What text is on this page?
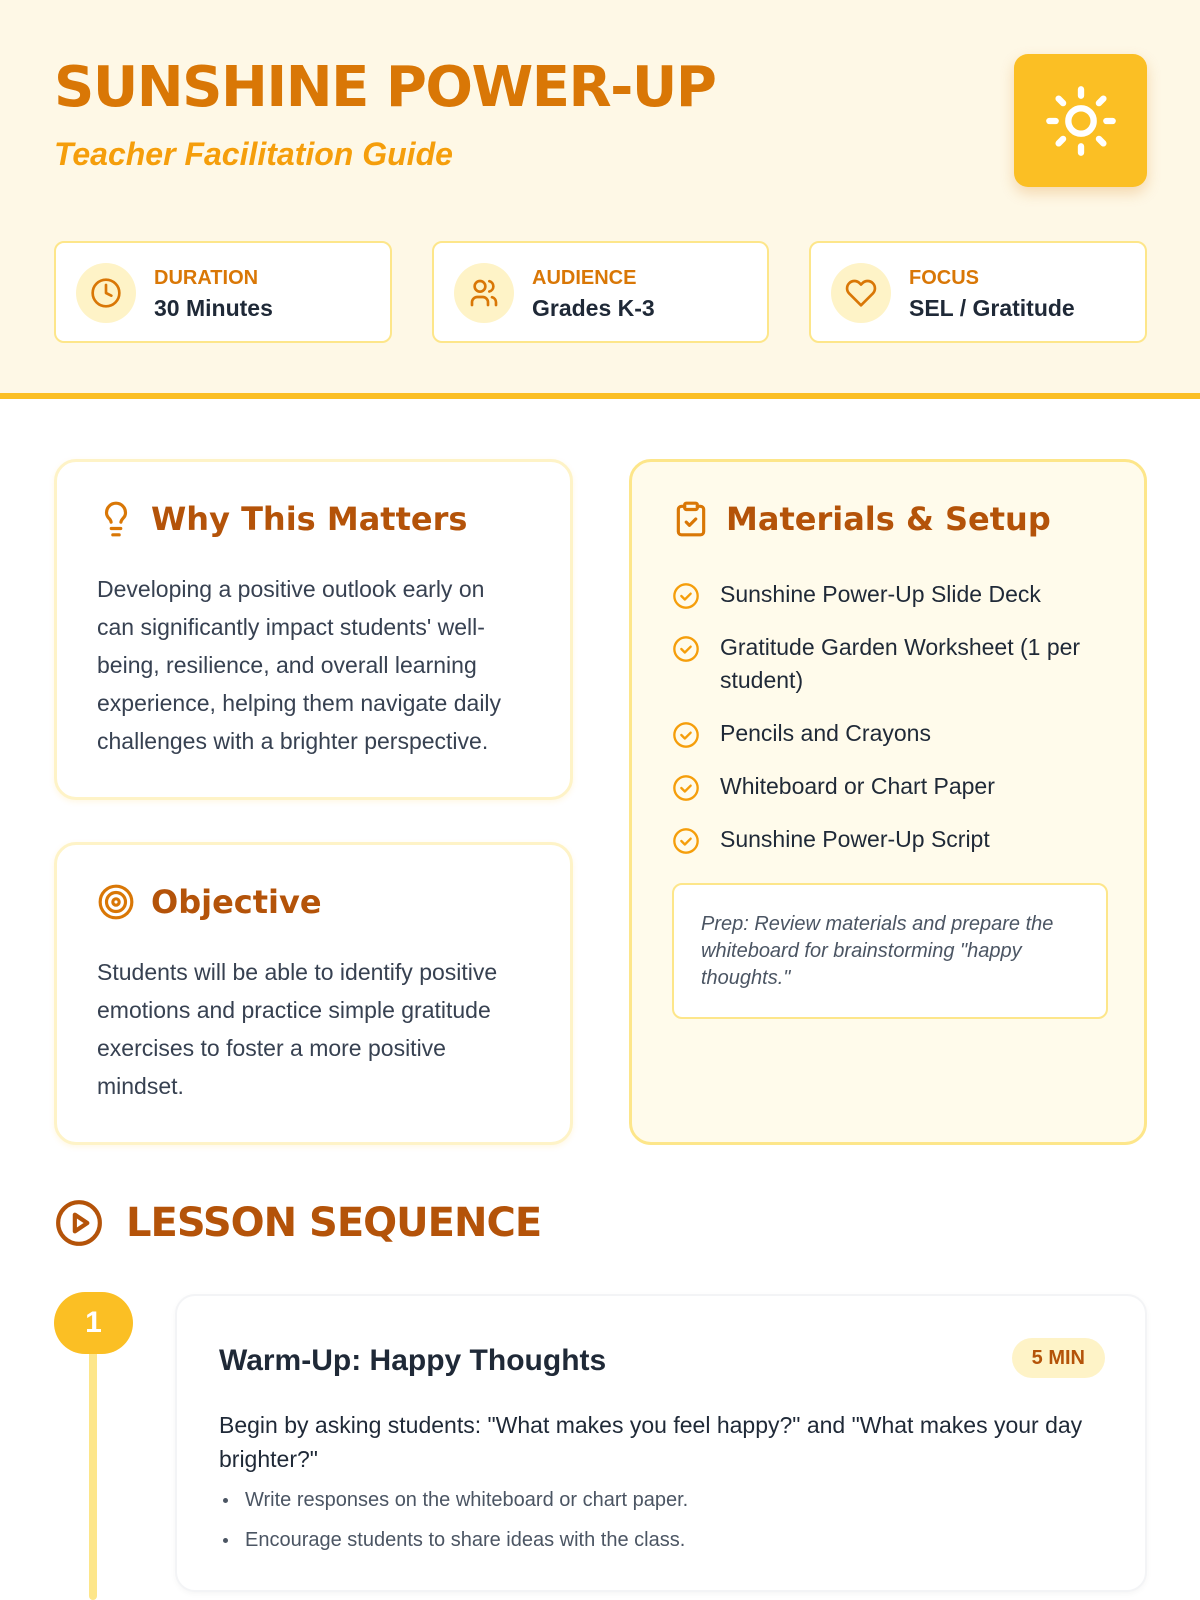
SUNSHINE POWER-UP
Teacher Facilitation Guide
DURATION
30 Minutes
AUDIENCE
Grades K-3
FOCUS
SEL / Gratitude
Why This Matters

Developing a positive outlook early on can significantly impact students' well-being, resilience, and overall learning experience, helping them navigate daily challenges with a brighter perspective.

Objective

Students will be able to identify positive emotions and practice simple gratitude exercises to foster a more positive mindset.

Materials & Setup
Sunshine Power-Up Slide Deck
Gratitude Garden Worksheet (1 per student)
Pencils and Crayons
Whiteboard or Chart Paper
Sunshine Power-Up Script
Prep: Review materials and prepare the whiteboard for brainstorming "happy thoughts."
LESSON SEQUENCE
1
Warm-Up: Happy Thoughts	5 MIN

Begin by asking students: "What makes you feel happy?" and "What makes your day brighter?"

Write responses on the whiteboard or chart paper.
Encourage students to share ideas with the class.
